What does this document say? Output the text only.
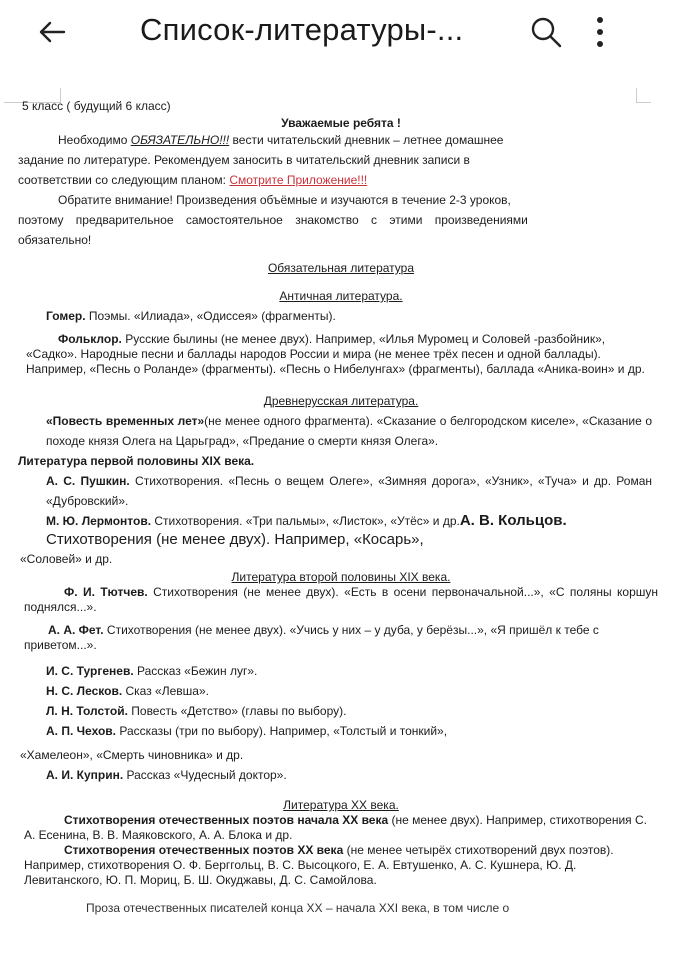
Список-литературы-...

5 класс ( будущий 6 класс)

Уважаемые ребята !

Необходимо ОБЯЗАТЕЛЬНО!!! вести читательский дневник – летнее домашнее

задание по литературе. Рекомендуем заносить в читательский дневник записи в

соответствии со следующим планом: Смотрите Приложение!!!

Обратите внимание! Произведения объёмные и изучаются в течение 2-3 уроков,

поэтому предварительное самостоятельное знакомство с этими произведениями

обязательно!

Обязательная литература

Античная литература.

Гомер. Поэмы. «Илиада», «Одиссея» (фрагменты).

Фольклор. Русские былины (не менее двух). Например, «Илья Муромец и Соловей -разбойник», «Садко». Народные песни и баллады народов России и мира (не менее трёх песен и одной баллады). Например, «Песнь о Роланде» (фрагменты). «Песнь о Нибелунгах» (фрагменты), баллада «Аника-воин» и др.

Древнерусская литература.

«Повесть временных лет»(не менее одного фрагмента). «Сказание о белгородском киселе», «Сказание о походе князя Олега на Царьград», «Предание о смерти князя Олега».

Литература первой половины XIX века.

А. С. Пушкин. Стихотворения. «Песнь о вещем Олеге», «Зимняя дорога», «Узник», «Туча» и др. Роман «Дубровский».

М. Ю. Лермонтов. Стихотворения. «Три пальмы», «Листок», «Утёс» и др.А. В. Кольцов.

Стихотворения (не менее двух). Например, «Косарь»,

«Соловей» и др.

Литература второй половины XIX века.

Ф. И. Тютчев. Стихотворения (не менее двух). «Есть в осени первоначальной...», «С поляны коршун поднялся...».

А. А. Фет. Стихотворения (не менее двух). «Учись у них – у дуба, у берёзы...», «Я пришёл к тебе с приветом...».

И. С. Тургенев. Рассказ «Бежин луг».

Н. С. Лесков. Сказ «Левша».

Л. Н. Толстой. Повесть «Детство» (главы по выбору).

А. П. Чехов. Рассказы (три по выбору). Например, «Толстый и тонкий»,

«Хамелеон», «Смерть чиновника» и др.

А. И. Куприн. Рассказ «Чудесный доктор».

Литература XX века.

Стихотворения отечественных поэтов начала XX века (не менее двух). Например, стихотворения С. А. Есенина, В. В. Маяковского, А. А. Блока и др.

Стихотворения отечественных поэтов XX века (не менее четырёх стихотворений двух поэтов). Например, стихотворения О. Ф. Берггольц, В. С. Высоцкого, Е. А. Евтушенко, А. С. Кушнера, Ю. Д. Левитанского, Ю. П. Мориц, Б. Ш. Окуджавы, Д. С. Самойлова.

Проза отечественных писателей конца XX – начала XXI века, в том числе о
